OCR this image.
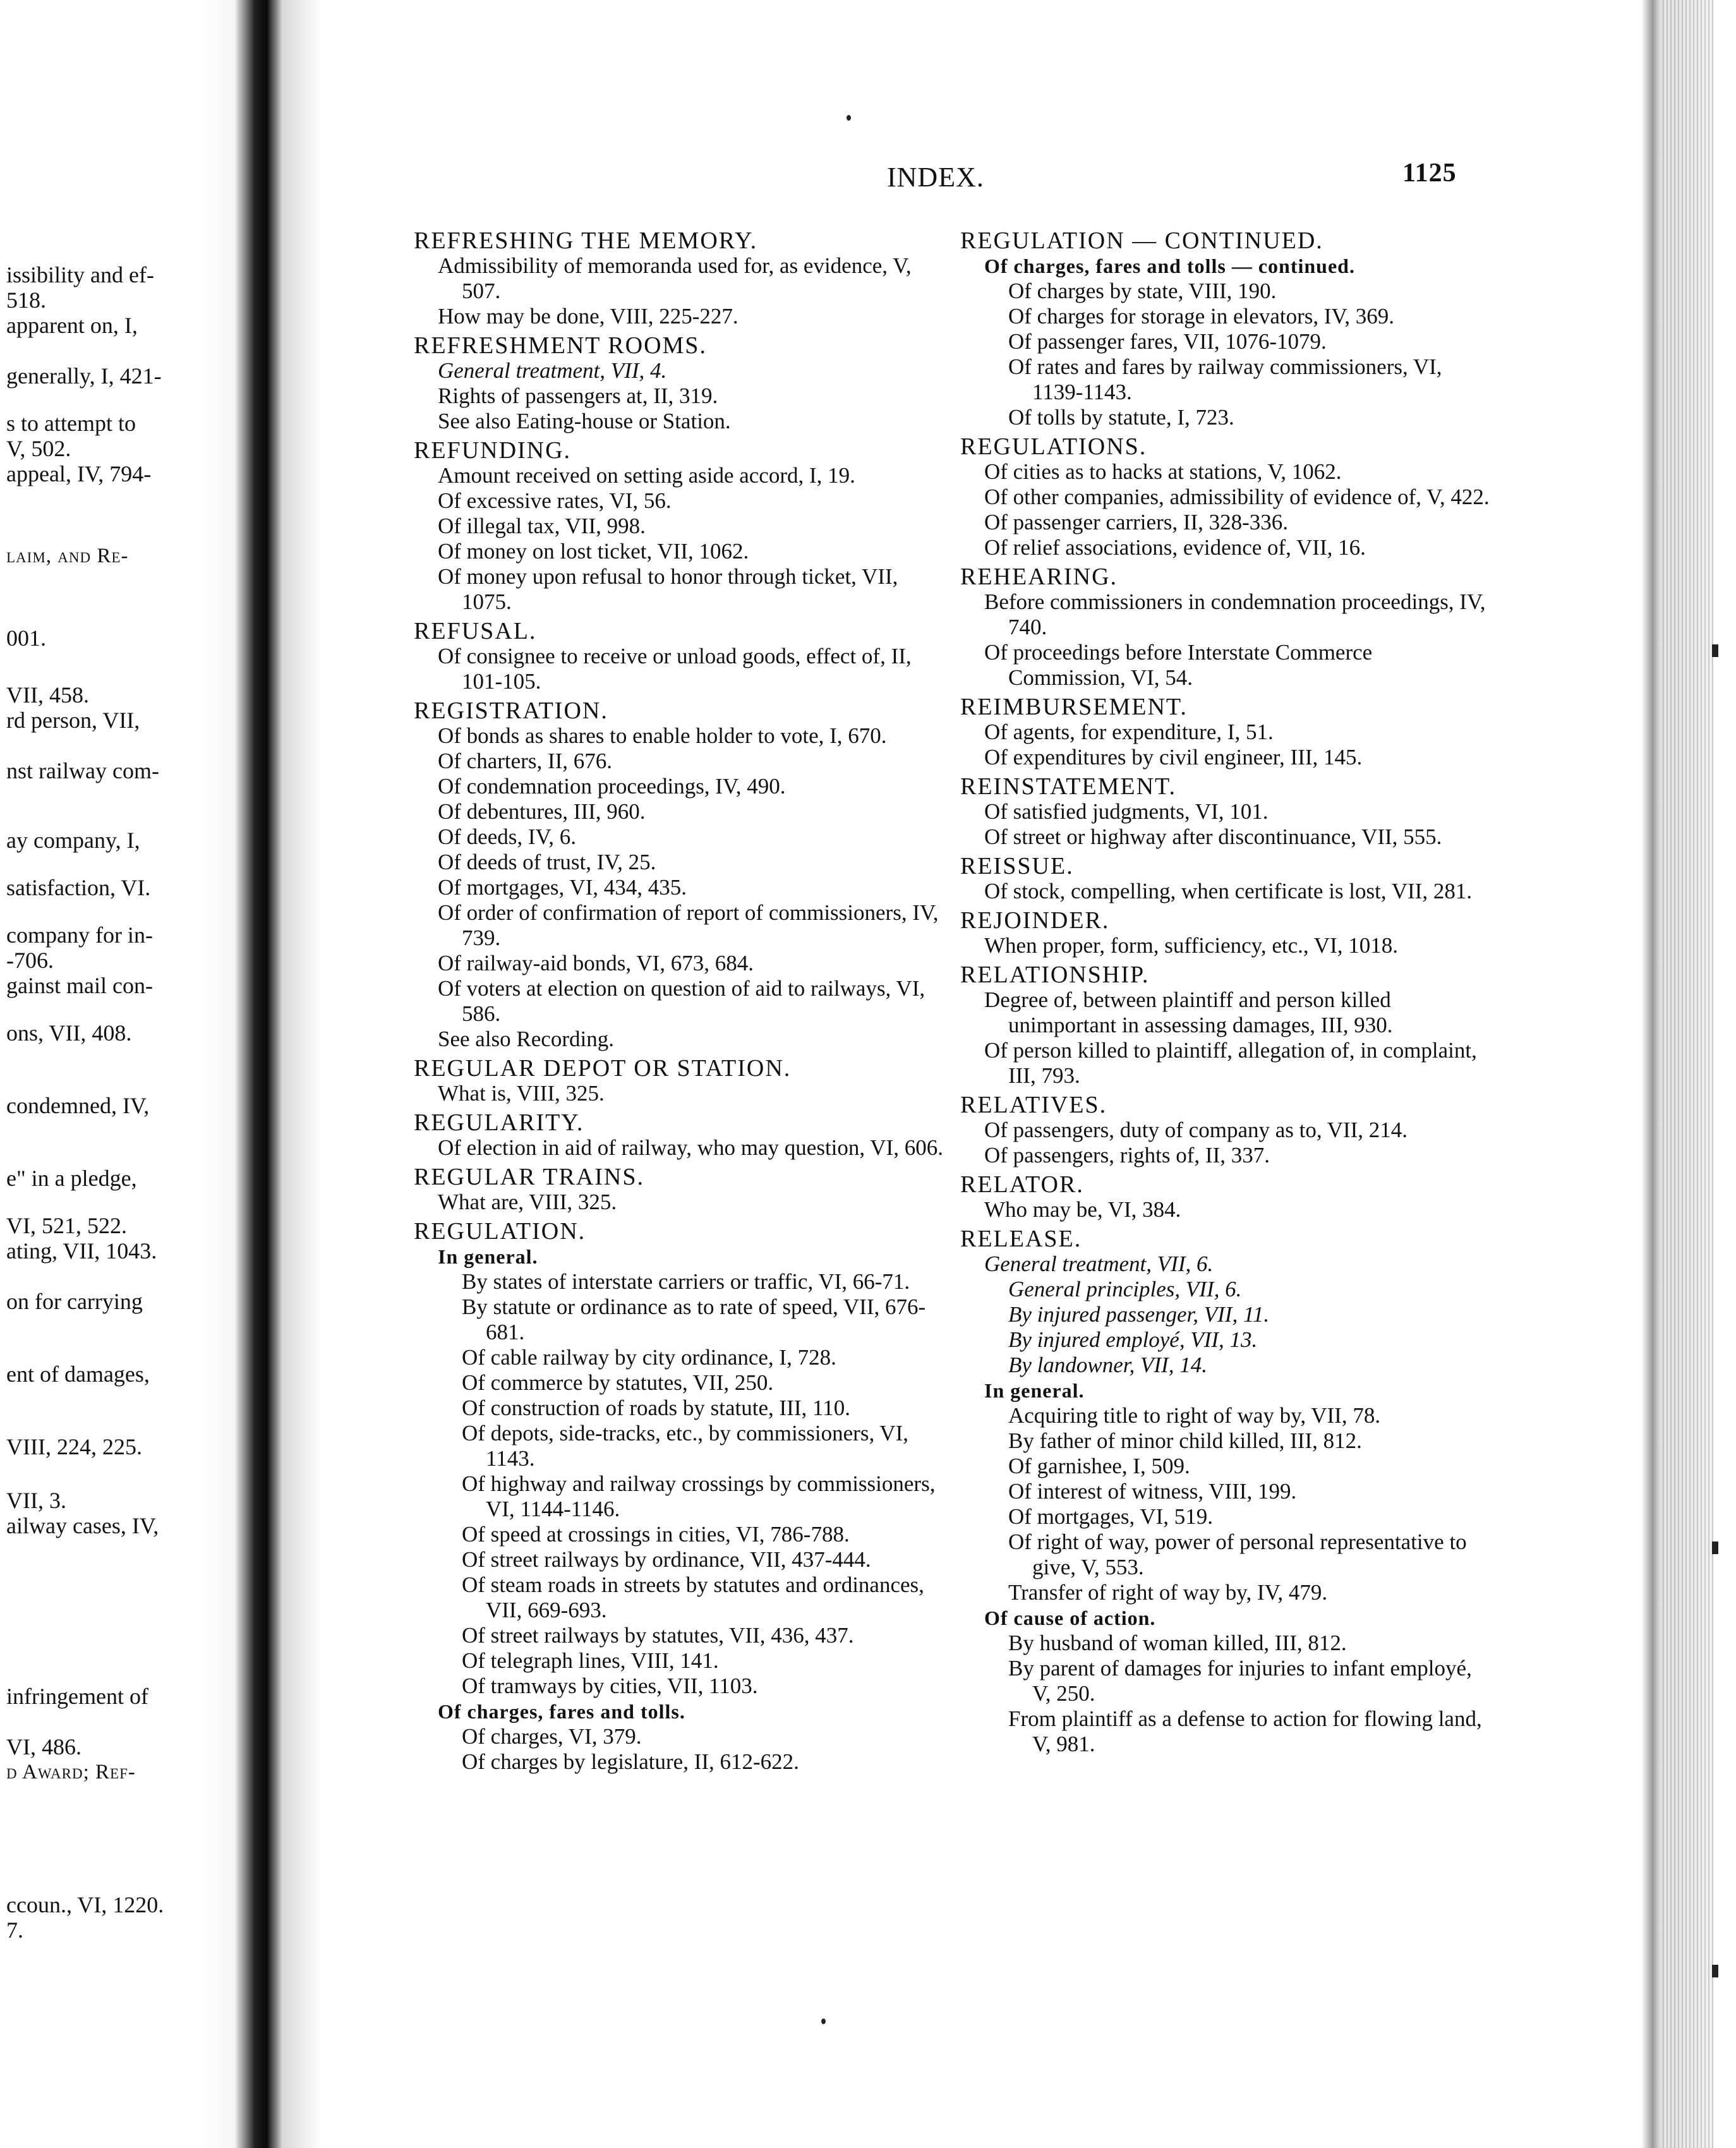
issibility and ef-
518.
apparent on, I,
generally, I, 421-
s to attempt to
V, 502.
appeal, IV, 794-
laim, and Re-
001.
VII, 458.
rd person, VII,
nst railway com-
ay company, I,
satisfaction, VI.
company for in-
-706.
gainst mail con-
ons, VII, 408.
condemned, IV,
e" in a pledge,
VI, 521, 522.
ating, VII, 1043.
on for carrying
ent of damages,
VIII, 224, 225.
VII, 3.
ailway cases, IV,
infringement of
VI, 486.
d Award; Ref-
ccoun., VI, 1220.
7.
INDEX.	1125
REFRESHING THE MEMORY.
Admissibility of memoranda used for, as evidence, V, 507.
How may be done, VIII, 225-227.
REFRESHMENT ROOMS.
General treatment, VII, 4.
Rights of passengers at, II, 319.
See also Eating-house or Station.
REFUNDING.
Amount received on setting aside accord, I, 19.
Of excessive rates, VI, 56.
Of illegal tax, VII, 998.
Of money on lost ticket, VII, 1062.
Of money upon refusal to honor through ticket, VII, 1075.
REFUSAL.
Of consignee to receive or unload goods, effect of, II, 101-105.
REGISTRATION.
Of bonds as shares to enable holder to vote, I, 670.
Of charters, II, 676.
Of condemnation proceedings, IV, 490.
Of debentures, III, 960.
Of deeds, IV, 6.
Of deeds of trust, IV, 25.
Of mortgages, VI, 434, 435.
Of order of confirmation of report of commissioners, IV, 739.
Of railway-aid bonds, VI, 673, 684.
Of voters at election on question of aid to railways, VI, 586.
See also Recording.
REGULAR DEPOT OR STATION.
What is, VIII, 325.
REGULARITY.
Of election in aid of railway, who may question, VI, 606.
REGULAR TRAINS.
What are, VIII, 325.
REGULATION.
In general.
By states of interstate carriers or traffic, VI, 66-71.
By statute or ordinance as to rate of speed, VII, 676-681.
Of cable railway by city ordinance, I, 728.
Of commerce by statutes, VII, 250.
Of construction of roads by statute, III, 110.
Of depots, side-tracks, etc., by commissioners, VI, 1143.
Of highway and railway crossings by commissioners, VI, 1144-1146.
Of speed at crossings in cities, VI, 786-788.
Of street railways by ordinance, VII, 437-444.
Of steam roads in streets by statutes and ordinances, VII, 669-693.
Of street railways by statutes, VII, 436, 437.
Of telegraph lines, VIII, 141.
Of tramways by cities, VII, 1103.
Of charges, fares and tolls.
Of charges, VI, 379.
Of charges by legislature, II, 612-622.
REGULATION — CONTINUED.
Of charges, fares and tolls — continued.
Of charges by state, VIII, 190.
Of charges for storage in elevators, IV, 369.
Of passenger fares, VII, 1076-1079.
Of rates and fares by railway commissioners, VI, 1139-1143.
Of tolls by statute, I, 723.
REGULATIONS.
Of cities as to hacks at stations, V, 1062.
Of other companies, admissibility of evidence of, V, 422.
Of passenger carriers, II, 328-336.
Of relief associations, evidence of, VII, 16.
REHEARING.
Before commissioners in condemnation proceedings, IV, 740.
Of proceedings before Interstate Commerce Commission, VI, 54.
REIMBURSEMENT.
Of agents, for expenditure, I, 51.
Of expenditures by civil engineer, III, 145.
REINSTATEMENT.
Of satisfied judgments, VI, 101.
Of street or highway after discontinuance, VII, 555.
REISSUE.
Of stock, compelling, when certificate is lost, VII, 281.
REJOINDER.
When proper, form, sufficiency, etc., VI, 1018.
RELATIONSHIP.
Degree of, between plaintiff and person killed unimportant in assessing damages, III, 930.
Of person killed to plaintiff, allegation of, in complaint, III, 793.
RELATIVES.
Of passengers, duty of company as to, VII, 214.
Of passengers, rights of, II, 337.
RELATOR.
Who may be, VI, 384.
RELEASE.
General treatment, VII, 6.
General principles, VII, 6.
By injured passenger, VII, 11.
By injured employé, VII, 13.
By landowner, VII, 14.
In general.
Acquiring title to right of way by, VII, 78.
By father of minor child killed, III, 812.
Of garnishee, I, 509.
Of interest of witness, VIII, 199.
Of mortgages, VI, 519.
Of right of way, power of personal representative to give, V, 553.
Transfer of right of way by, IV, 479.
Of cause of action.
By husband of woman killed, III, 812.
By parent of damages for injuries to infant employé, V, 250.
From plaintiff as a defense to action for flowing land, V, 981.
